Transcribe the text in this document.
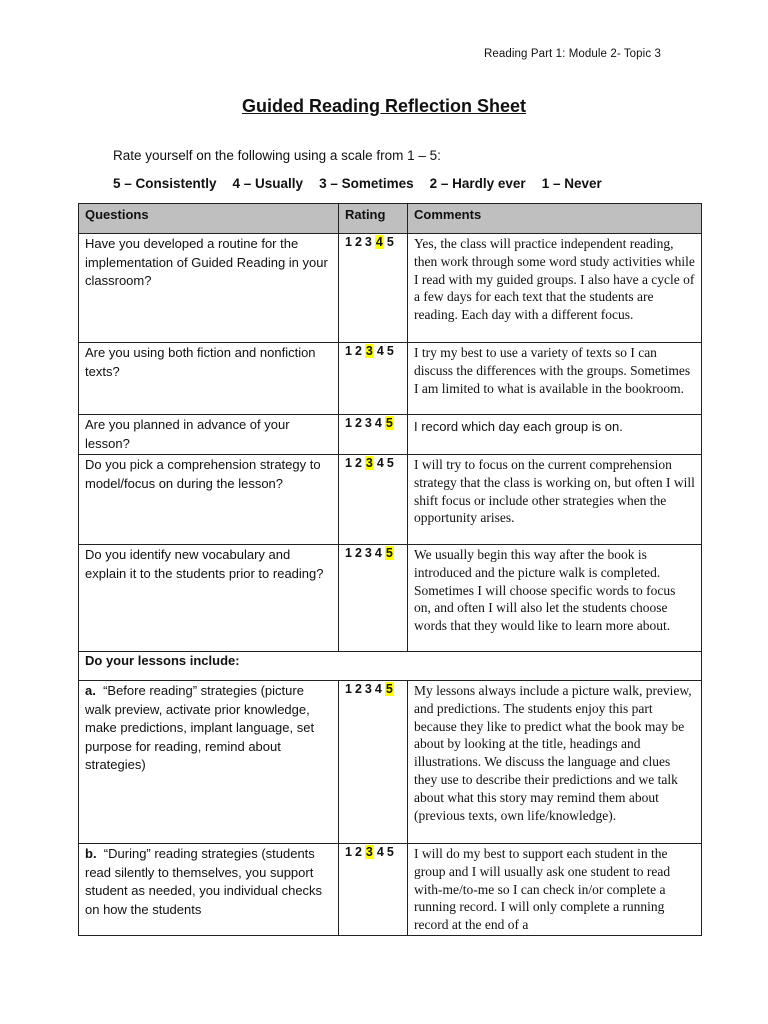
Reading Part 1: Module 2- Topic 3
Guided Reading Reflection Sheet
Rate yourself on the following using a scale from 1 – 5:
5 – Consistently 4 – Usually 3 – Sometimes 2 – Hardly ever 1 – Never
Questions	Rating	Comments
Have you developed a routine for the implementation of Guided Reading in your classroom?	1 2 3 4 5	Yes, the class will practice independent reading, then work through some word study activities while I read with my guided groups. I also have a cycle of a few days for each text that the students are reading. Each day with a different focus.
Are you using both fiction and nonfiction texts?	1 2 3 4 5	I try my best to use a variety of texts so I can discuss the differences with the groups. Sometimes I am limited to what is available in the bookroom.
Are you planned in advance of your lesson?	1 2 3 4 5	I record which day each group is on.
Do you pick a comprehension strategy to model/focus on during the lesson?	1 2 3 4 5	I will try to focus on the current comprehension strategy that the class is working on, but often I will shift focus or include other strategies when the opportunity arises.
Do you identify new vocabulary and explain it to the students prior to reading?	1 2 3 4 5	We usually begin this way after the book is introduced and the picture walk is completed. Sometimes I will choose specific words to focus on, and often I will also let the students choose words that they would like to learn more about.
Do your lessons include:		
a. “Before reading” strategies (picture walk preview, activate prior knowledge, make predictions, implant language, set purpose for reading, remind about strategies)	1 2 3 4 5	My lessons always include a picture walk, preview, and predictions. The students enjoy this part because they like to predict what the book may be about by looking at the title, headings and illustrations. We discuss the language and clues they use to describe their predictions and we talk about what this story may remind them about (previous texts, own life/knowledge).
b. “During” reading strategies (students read silently to themselves, you support student as needed, you individual checks on how the students	1 2 3 4 5	I will do my best to support each student in the group and I will usually ask one student to read with-me/to-me so I can check in/or complete a running record. I will only complete a running record at the end of a
